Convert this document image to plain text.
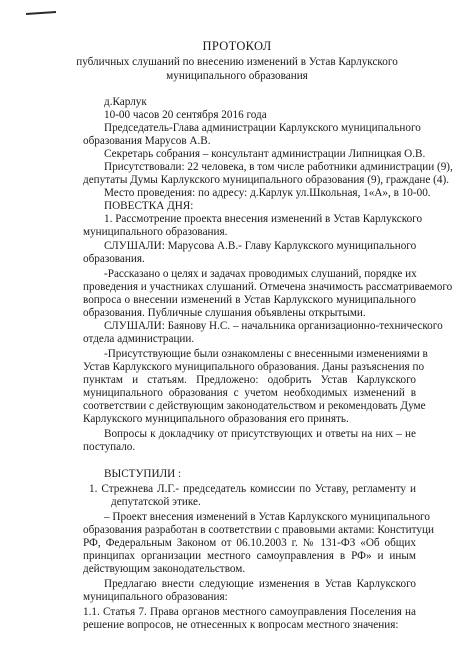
ПРОТОКОЛ
публичных слушаний по внесению изменений в Устав Карлукского
муниципального образования
д.Карлук
10-00 часов 20 сентября 2016 года
Председатель-Глава администрации Карлукского муниципального
образования Марусов А.В.
Секретарь собрания – консультант администрации Липницкая О.В.
Присутствовали: 22 человека, в том числе работники администрации (9),
депутаты Думы Карлукского муниципального образования (9), граждане (4).
Место проведения: по адресу: д.Карлук ул.Школьная, 1«А», в 10-00.
ПОВЕСТКА ДНЯ:
1. Рассмотрение проекта внесения изменений в Устав Карлукского
муниципального образования.
СЛУШАЛИ: Марусова А.В.- Главу Карлукского муниципального
образования.
-Рассказано о целях и задачах проводимых слушаний, порядке их
проведения и участниках слушаний. Отмечена значимость рассматриваемого
вопроса о внесении изменений в Устав Карлукского муниципального
образования. Публичные слушания объявлены открытыми.
СЛУШАЛИ: Баянову Н.С. – начальника организационно-технического
отдела администрации.
-Присутствующие были ознакомлены с внесенными изменениями в
Устав Карлукского муниципального образования. Даны разъяснения по
пунктам и статьям. Предложено: одобрить Устав Карлукского
муниципального образования с учетом необходимых изменений в
соответствии с действующим законодательством и рекомендовать Думе
Карлукского муниципального образования его принять.
Вопросы к докладчику от присутствующих и ответы на них – не
поступало.
ВЫСТУПИЛИ :
1. Стрежнева Л.Г.- председатель комиссии по Уставу, регламенту и
депутатской этике.
– Проект внесения изменений в Устав Карлукского муниципального
образования разработан в соответствии с правовыми актами: Конституци
РФ, Федеральным Законом от 06.10.2003 г. № 131-ФЗ «Об общих
принципах организации местного самоуправления в РФ» и иным
действующим законодательством.
Предлагаю внести следующие изменения в Устав Карлукского
муниципального образования:
1.1. Статья 7. Права органов местного самоуправления Поселения на
решение вопросов, не отнесенных к вопросам местного значения:
